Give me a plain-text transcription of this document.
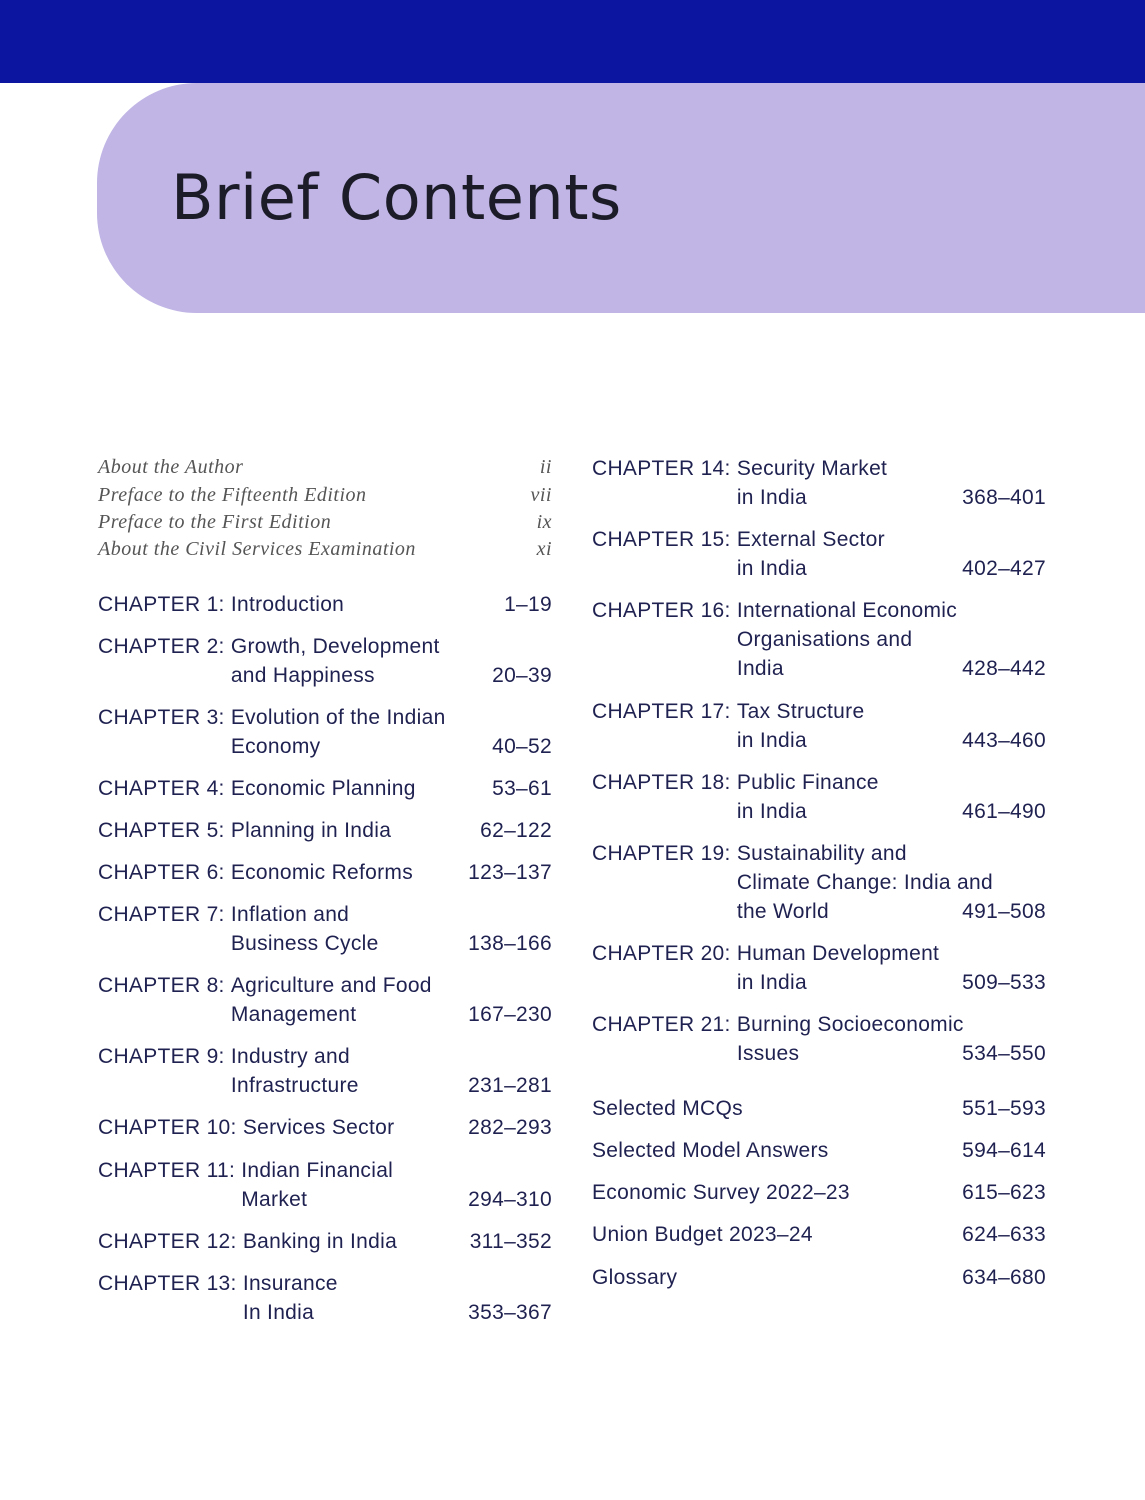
Brief Contents
About the Author	ii
Preface to the Fifteenth Edition	vii
Preface to the First Edition	ix
About the Civil Services Examination	xi
CHAPTER 1: Introduction	1–19
CHAPTER 2: Growth, Development
and Happiness	20–39
CHAPTER 3: Evolution of the Indian
Economy	40–52
CHAPTER 4: Economic Planning	53–61
CHAPTER 5: Planning in India	62–122
CHAPTER 6: Economic Reforms	123–137
CHAPTER 7: Inflation and
Business Cycle	138–166
CHAPTER 8: Agriculture and Food
Management	167–230
CHAPTER 9: Industry and
Infrastructure	231–281
CHAPTER 10: Services Sector	282–293
CHAPTER 11: Indian Financial
Market	294–310
CHAPTER 12: Banking in India	311–352
CHAPTER 13: Insurance
In India	353–367
CHAPTER 14: Security Market
in India	368–401
CHAPTER 15: External Sector
in India	402–427
CHAPTER 16: International Economic
Organisations and
India	428–442
CHAPTER 17: Tax Structure
in India	443–460
CHAPTER 18: Public Finance
in India	461–490
CHAPTER 19: Sustainability and
Climate Change: India and
the World	491–508
CHAPTER 20: Human Development
in India	509–533
CHAPTER 21: Burning Socioeconomic
Issues	534–550
Selected MCQs	551–593
Selected Model Answers	594–614
Economic Survey 2022–23	615–623
Union Budget 2023–24	624–633
Glossary	634–680
